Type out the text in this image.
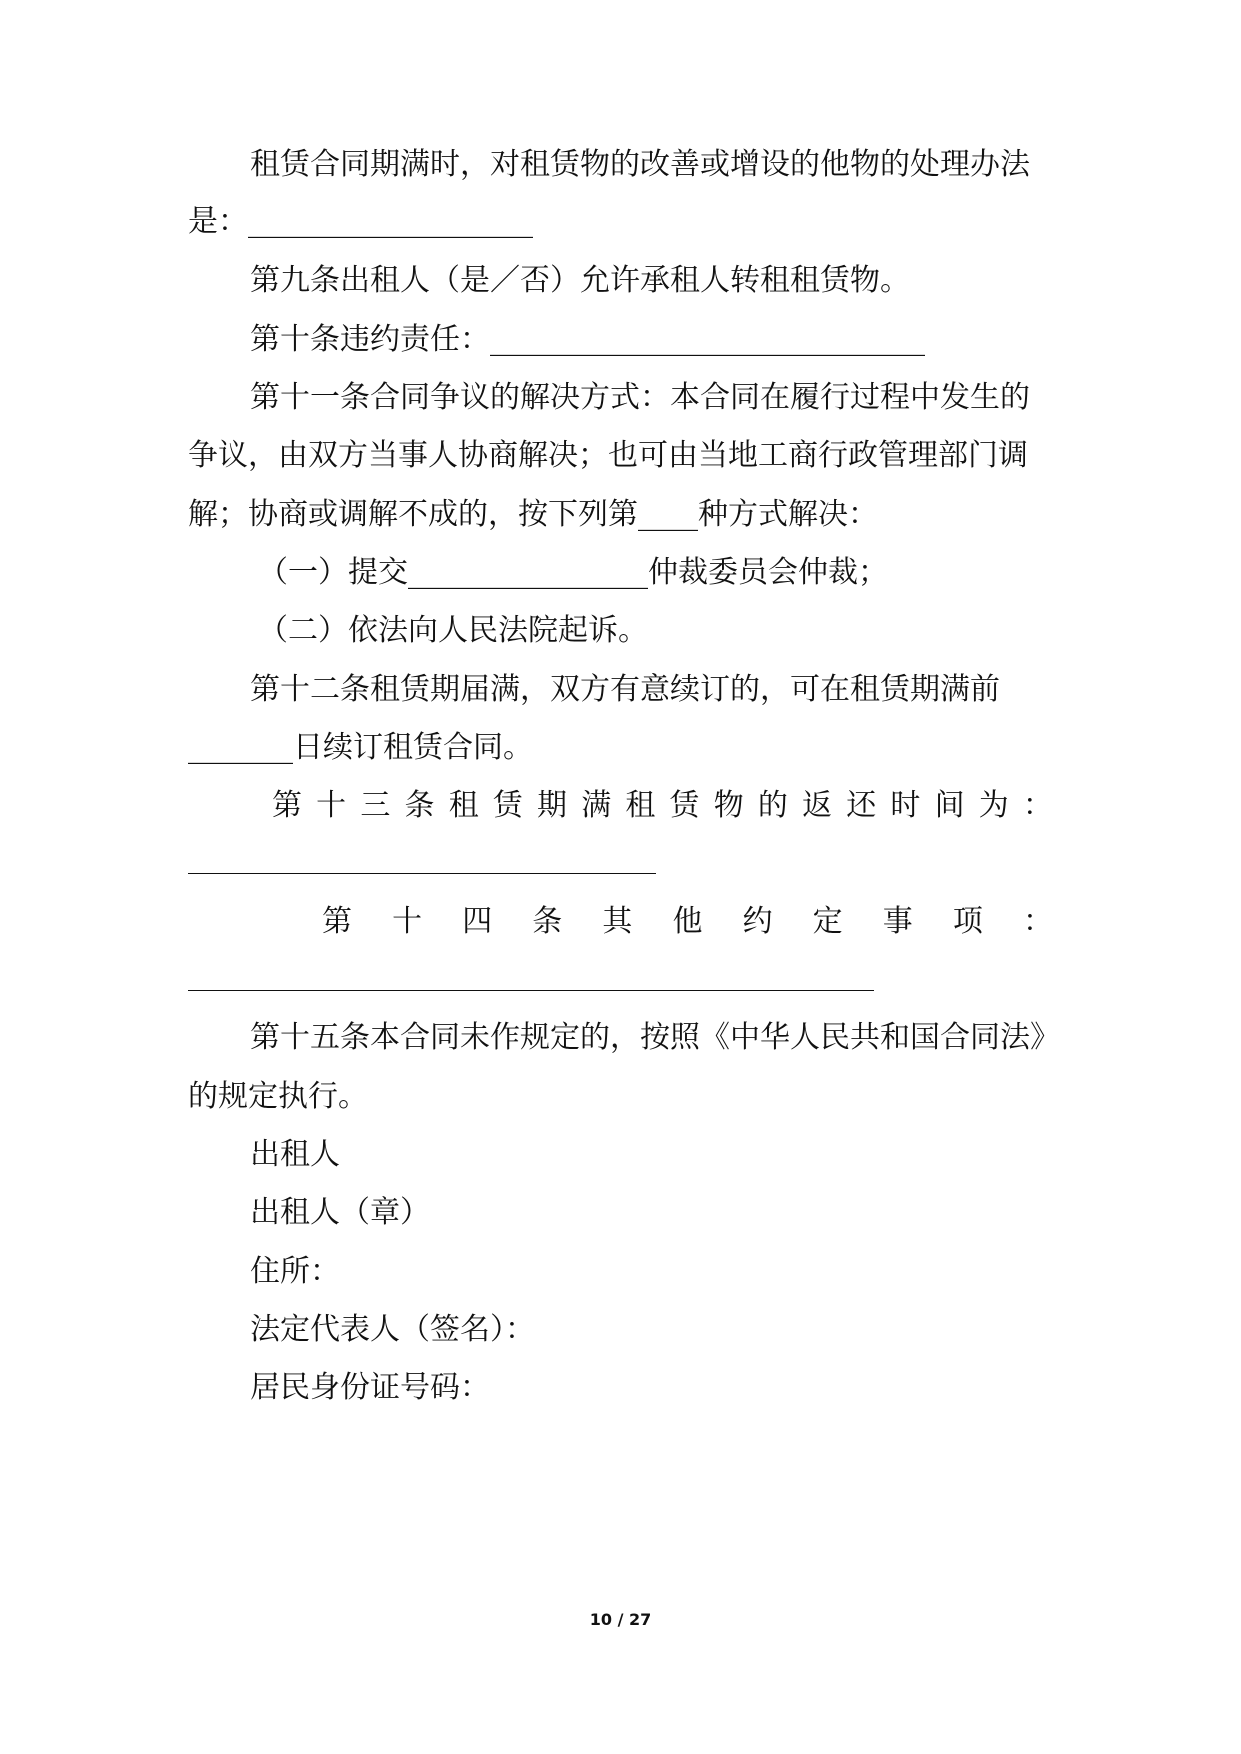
租赁合同期满时，对租赁物的改善或增设的他物的处理办法
是：___________________
第九条出租人（是／否）允许承租人转租租赁物。
第十条违约责任：_____________________________
第十一条合同争议的解决方式：本合同在履行过程中发生的
争议，由双方当事人协商解决；也可由当地工商行政管理部门调
解；协商或调解不成的，按下列第____种方式解决：
（一）提交________________仲裁委员会仲裁；
（二）依法向人民法院起诉。
第十二条租赁期届满，双方有意续订的，可在租赁期满前
_______日续订租赁合同。
第 十 三 条 租 赁 期 满 租 赁 物 的 返 还 时 间 为 ：
第 十 四 条 其 他 约 定 事 项 ：
第十五条本合同未作规定的，按照《中华人民共和国合同法》
的规定执行。
出租人
出租人（章）
住所：
法定代表人（签名）：
居民身份证号码：
10 / 27
